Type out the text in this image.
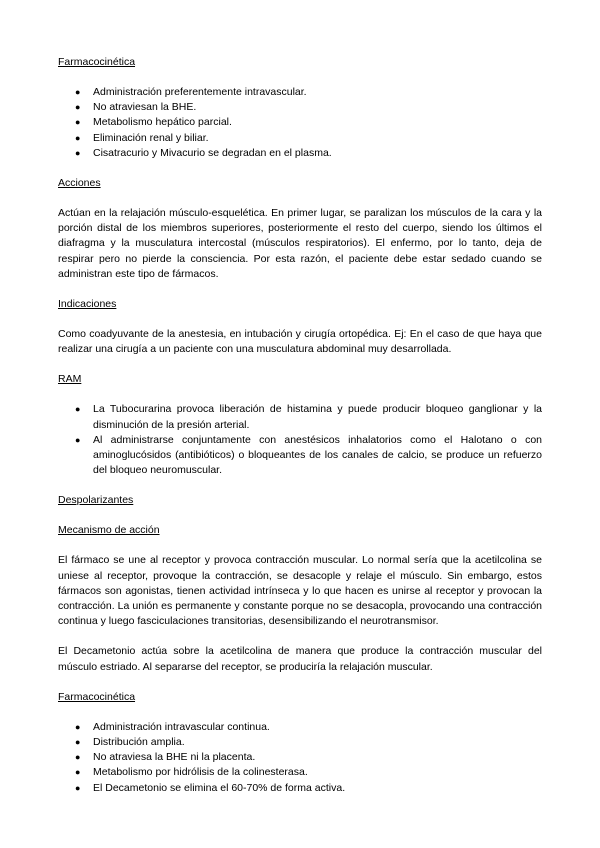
Farmacocinética

● Administración preferentemente intravascular.
● No atraviesan la BHE.
● Metabolismo hepático parcial.
● Eliminación renal y biliar.
● Cisatracurio y Mivacurio se degradan en el plasma.

Acciones

Actúan en la relajación músculo-esquelética. En primer lugar, se paralizan los músculos de la cara y la porción distal de los miembros superiores, posteriormente el resto del cuerpo, siendo los últimos el diafragma y la musculatura intercostal (músculos respiratorios). El enfermo, por lo tanto, deja de respirar pero no pierde la consciencia. Por esta razón, el paciente debe estar sedado cuando se administran este tipo de fármacos.

Indicaciones

Como coadyuvante de la anestesia, en intubación y cirugía ortopédica. Ej: En el caso de que haya que realizar una cirugía a un paciente con una musculatura abdominal muy desarrollada.

RAM

● La Tubocurarina provoca liberación de histamina y puede producir bloqueo ganglionar y la disminución de la presión arterial.
● Al administrarse conjuntamente con anestésicos inhalatorios como el Halotano o con aminoglucósidos (antibióticos) o bloqueantes de los canales de calcio, se produce un refuerzo del bloqueo neuromuscular.

Despolarizantes

Mecanismo de acción

El fármaco se une al receptor y provoca contracción muscular. Lo normal sería que la acetilcolina se uniese al receptor, provoque la contracción, se desacople y relaje el músculo. Sin embargo, estos fármacos son agonistas, tienen actividad intrínseca y lo que hacen es unirse al receptor y provocan la contracción. La unión es permanente y constante porque no se desacopla, provocando una contracción continua y luego fasciculaciones transitorias, desensibilizando el neurotransmisor.

El Decametonio actúa sobre la acetilcolina de manera que produce la contracción muscular del músculo estriado. Al separarse del receptor, se produciría la relajación muscular.

Farmacocinética

● Administración intravascular continua.
● Distribución amplia.
● No atraviesa la BHE ni la placenta.
● Metabolismo por hidrólisis de la colinesterasa.
● El Decametonio se elimina el 60-70% de forma activa.
